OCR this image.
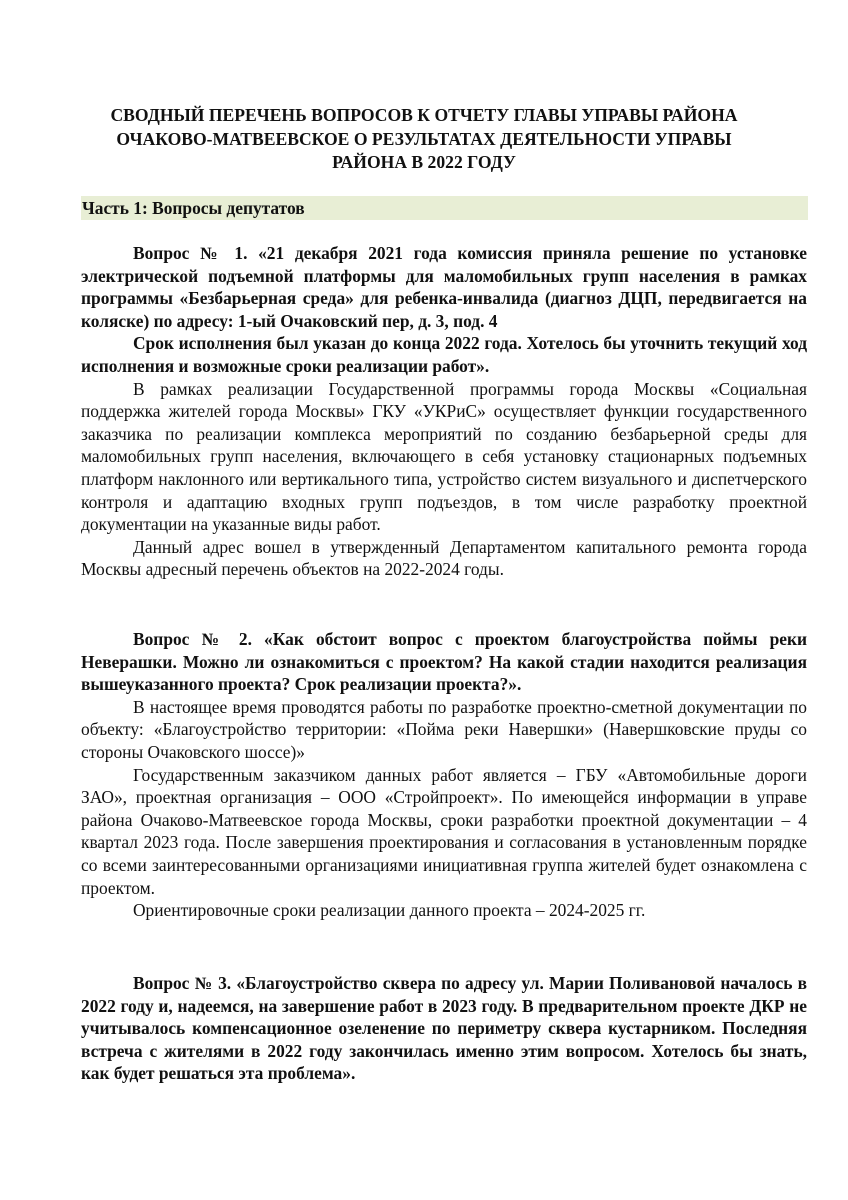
СВОДНЫЙ ПЕРЕЧЕНЬ ВОПРОСОВ К ОТЧЕТУ ГЛАВЫ УПРАВЫ РАЙОНА
ОЧАКОВО-МАТВЕЕВСКОЕ О РЕЗУЛЬТАТАХ ДЕЯТЕЛЬНОСТИ УПРАВЫ
РАЙОНА В 2022 ГОДУ
Часть 1: Вопросы депутатов
Вопрос № 1. «21 декабря 2021 года комиссия приняла решение по установке электрической подъемной платформы для маломобильных групп населения в рамках программы «Безбарьерная среда» для ребенка-инвалида (диагноз ДЦП, передвигается на коляске) по адресу: 1-ый Очаковский пер, д. 3, под. 4
Срок исполнения был указан до конца 2022 года. Хотелось бы уточнить текущий ход исполнения и возможные сроки реализации работ».
В рамках реализации Государственной программы города Москвы «Социальная поддержка жителей города Москвы» ГКУ «УКРиС» осуществляет функции государственного заказчика по реализации комплекса мероприятий по созданию безбарьерной среды для маломобильных групп населения, включающего в себя установку стационарных подъемных платформ наклонного или вертикального типа, устройство систем визуального и диспетчерского контроля и адаптацию входных групп подъездов, в том числе разработку проектной документации на указанные виды работ.
Данный адрес вошел в утвержденный Департаментом капитального ремонта города Москвы адресный перечень объектов на 2022-2024 годы.
Вопрос № 2. «Как обстоит вопрос с проектом благоустройства поймы реки Неверашки. Можно ли ознакомиться с проектом? На какой стадии находится реализация вышеуказанного проекта? Срок реализации проекта?».
В настоящее время проводятся работы по разработке проектно-сметной документации по объекту: «Благоустройство территории: «Пойма реки Навершки» (Навершковские пруды со стороны Очаковского шоссе)»
Государственным заказчиком данных работ является – ГБУ «Автомобильные дороги ЗАО», проектная организация – ООО «Стройпроект». По имеющейся информации в управе района Очаково-Матвеевское города Москвы, сроки разработки проектной документации – 4 квартал 2023 года. После завершения проектирования и согласования в установленным порядке со всеми заинтересованными организациями инициативная группа жителей будет ознакомлена с проектом.
Ориентировочные сроки реализации данного проекта – 2024-2025 гг.
Вопрос № 3. «Благоустройство сквера по адресу ул. Марии Поливановой началось в 2022 году и, надеемся, на завершение работ в 2023 году. В предварительном проекте ДКР не учитывалось компенсационное озеленение по периметру сквера кустарником. Последняя встреча с жителями в 2022 году закончилась именно этим вопросом. Хотелось бы знать, как будет решаться эта проблема».
